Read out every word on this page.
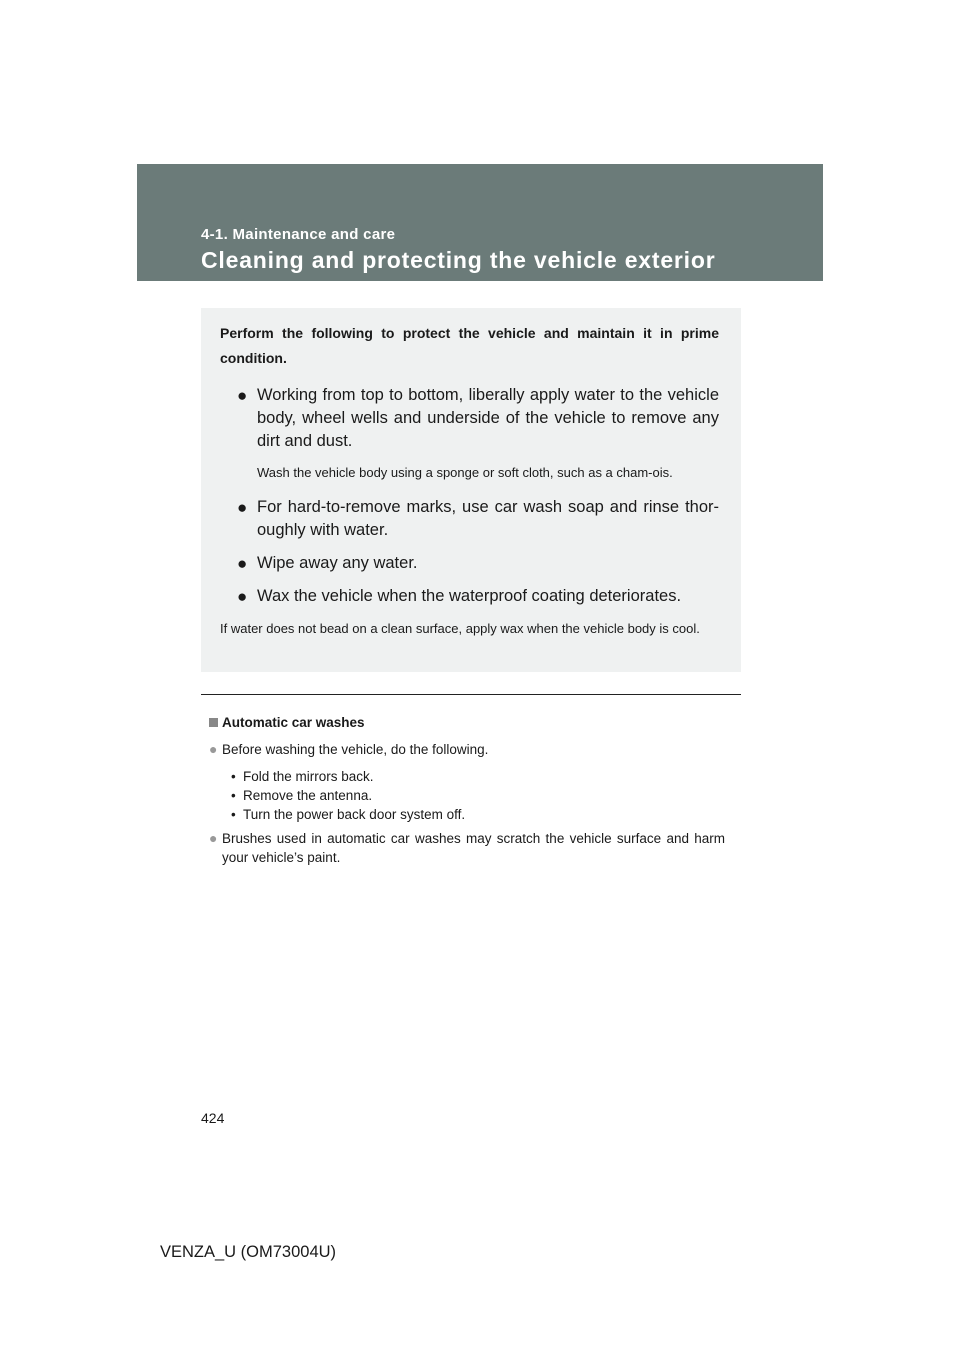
4-1. Maintenance and care
Cleaning and protecting the vehicle exterior

Perform the following to protect the vehicle and maintain it in prime condition.

● Working from top to bottom, liberally apply water to the vehicle body, wheel wells and underside of the vehicle to remove any dirt and dust.
Wash the vehicle body using a sponge or soft cloth, such as a cham-ois.
● For hard-to-remove marks, use car wash soap and rinse thor-oughly with water.
● Wipe away any water.
● Wax the vehicle when the waterproof coating deteriorates.
If water does not bead on a clean surface, apply wax when the vehicle body is cool.
Automatic car washes
● Before washing the vehicle, do the following.
• Fold the mirrors back.
• Remove the antenna.
• Turn the power back door system off.
● Brushes used in automatic car washes may scratch the vehicle surface and harm your vehicle’s paint.
424
VENZA_U (OM73004U)
